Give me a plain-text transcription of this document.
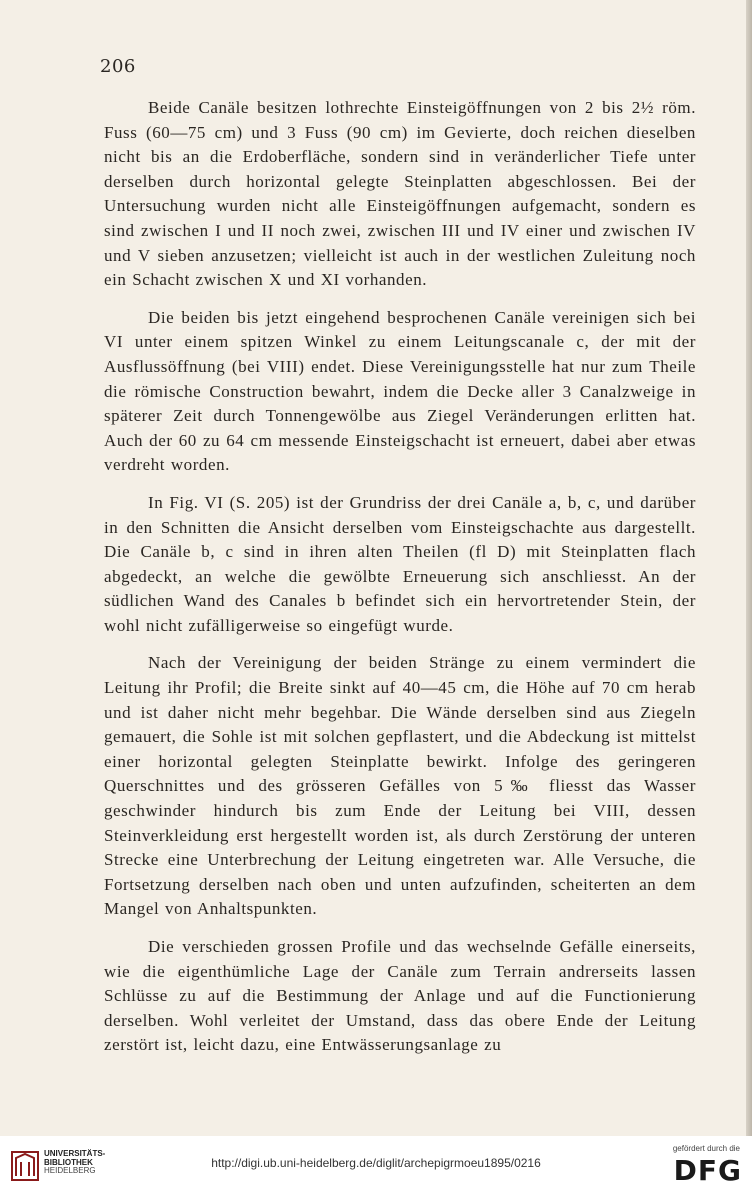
206

Beide Canäle besitzen lothrechte Einsteigöffnungen von 2 bis 2½ röm. Fuss (60—75 cm) und 3 Fuss (90 cm) im Gevierte, doch reichen dieselben nicht bis an die Erdoberfläche, sondern sind in veränderlicher Tiefe unter derselben durch horizontal gelegte Steinplatten abgeschlossen. Bei der Untersuchung wurden nicht alle Einsteigöffnungen aufgemacht, sondern es sind zwischen I und II noch zwei, zwischen III und IV einer und zwischen IV und V sieben anzusetzen; vielleicht ist auch in der westlichen Zuleitung noch ein Schacht zwischen X und XI vorhanden.

Die beiden bis jetzt eingehend besprochenen Canäle vereinigen sich bei VI unter einem spitzen Winkel zu einem Leitungscanale c, der mit der Ausflussöffnung (bei VIII) endet. Diese Vereinigungsstelle hat nur zum Theile die römische Construction bewahrt, indem die Decke aller 3 Canalzweige in späterer Zeit durch Tonnengewölbe aus Ziegel Veränderungen erlitten hat. Auch der 60 zu 64 cm messende Einsteigschacht ist erneuert, dabei aber etwas verdreht worden.

In Fig. VI (S. 205) ist der Grundriss der drei Canäle a, b, c, und darüber in den Schnitten die Ansicht derselben vom Einsteigschachte aus dargestellt. Die Canäle b, c sind in ihren alten Theilen (fl D) mit Steinplatten flach abgedeckt, an welche die gewölbte Erneuerung sich anschliesst. An der südlichen Wand des Canales b befindet sich ein hervortretender Stein, der wohl nicht zufälligerweise so eingefügt wurde.

Nach der Vereinigung der beiden Stränge zu einem vermindert die Leitung ihr Profil; die Breite sinkt auf 40—45 cm, die Höhe auf 70 cm herab und ist daher nicht mehr begehbar. Die Wände derselben sind aus Ziegeln gemauert, die Sohle ist mit solchen gepflastert, und die Abdeckung ist mittelst einer horizontal gelegten Steinplatte bewirkt. Infolge des geringeren Querschnittes und des grösseren Gefälles von 5‰ fliesst das Wasser geschwinder hindurch bis zum Ende der Leitung bei VIII, dessen Steinverkleidung erst hergestellt worden ist, als durch Zerstörung der unteren Strecke eine Unterbrechung der Leitung eingetreten war. Alle Versuche, die Fortsetzung derselben nach oben und unten aufzufinden, scheiterten an dem Mangel von Anhaltspunkten.

Die verschieden grossen Profile und das wechselnde Gefälle einerseits, wie die eigenthümliche Lage der Canäle zum Terrain andrerseits lassen Schlüsse zu auf die Bestimmung der Anlage und auf die Functionierung derselben. Wohl verleitet der Umstand, dass das obere Ende der Leitung zerstört ist, leicht dazu, eine Entwässerungsanlage zu

UNIVERSITÄTS-
BIBLIOTHEK
HEIDELBERG
http://digi.ub.uni-heidelberg.de/diglit/archepigrmoeu1895/0216
gefördert durch die
DFG
